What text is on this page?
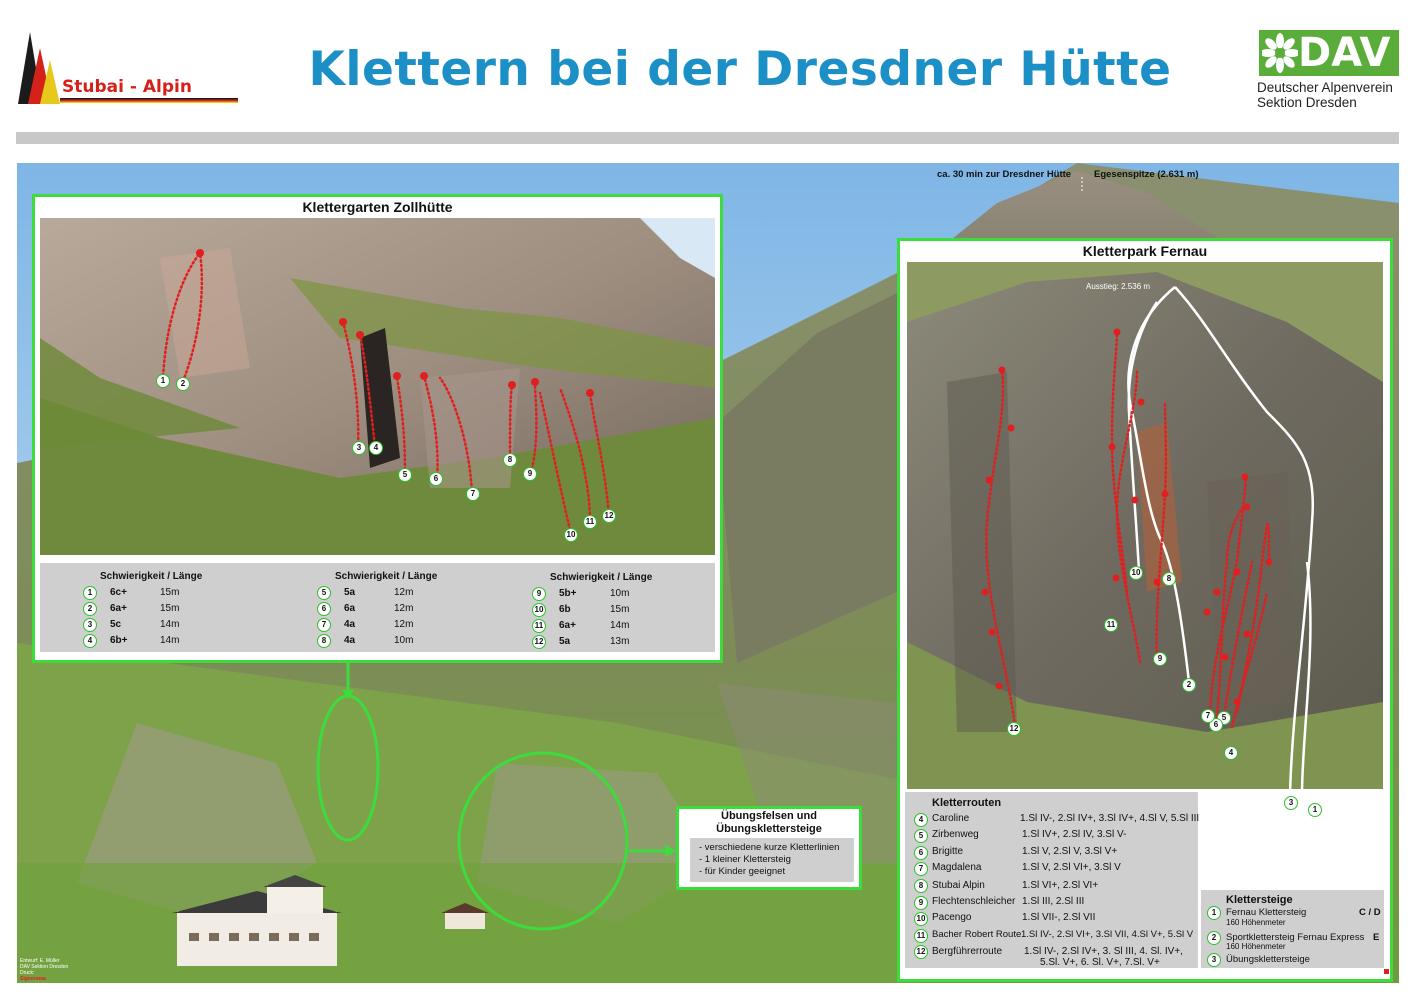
Stubai - Alpin	Klettern bei der Dresdner Hütte	DAV
Deutscher Alpenverein
Sektion Dresden
ca. 30 min zur Dresdner Hütte Egesenspitze (2.631 m)
Entwurf: E. Müller
DAV Sektion Dresden
Druck:
Signorama
Klettergarten Zollhütte
1	2
3	4
5	6
7
8
9
10
11
12
Schwierigkeit / Länge	Schwierigkeit / Länge	Schwierigkeit / Länge
1	6c+	15m
2	6a+	15m
3	5c	14m
4	6b+	14m
5	5a	12m
6	6a	12m
7	4a	12m
8	4a	10m
9	5b+	10m
10 6b	15m
11 6a+	14m
12 5a	13m
Kletterpark Fernau
Ausstieg: 2.536 m
1
2
3
4
5
6
7
8
9
10
11
12
Kletterrouten
4 Caroline	1.Sl IV-, 2.Sl IV+, 3.Sl IV+, 4.Sl V, 5.Sl III
5 Zirbenweg	1.Sl IV+, 2.Sl IV, 3.Sl V-
6 Brigitte	1.Sl V, 2.Sl V, 3.Sl V+
7 Magdalena	1.Sl V, 2.Sl VI+, 3.Sl V
8 Stubai Alpin	1.Sl VI+, 2.Sl VI+
9 Flechtenschleicher 1.Sl III, 2.Sl III
10 Pacengo	1.Sl VII-, 2.Sl VII
11 Bacher Robert Route 1.Sl IV-, 2.Sl VI+, 3.Sl VII, 4.Sl V+, 5.Sl V
12 Bergführerroute 1.Sl IV-, 2.Sl IV+, 3. Sl III, 4. Sl. IV+,
5.Sl. V+, 6. Sl. V+, 7.Sl. V+
Klettersteige
1	Fernau Klettersteig
160 Höhenmeter
C / D
2	Sportklettersteig Fernau Express
160 Höhenmeter
E
3	Übungsklettersteige
Übungsfelsen und
Übungsklettersteige
- verschiedene kurze Kletterlinien
- 1 kleiner Klettersteig
- für Kinder geeignet
